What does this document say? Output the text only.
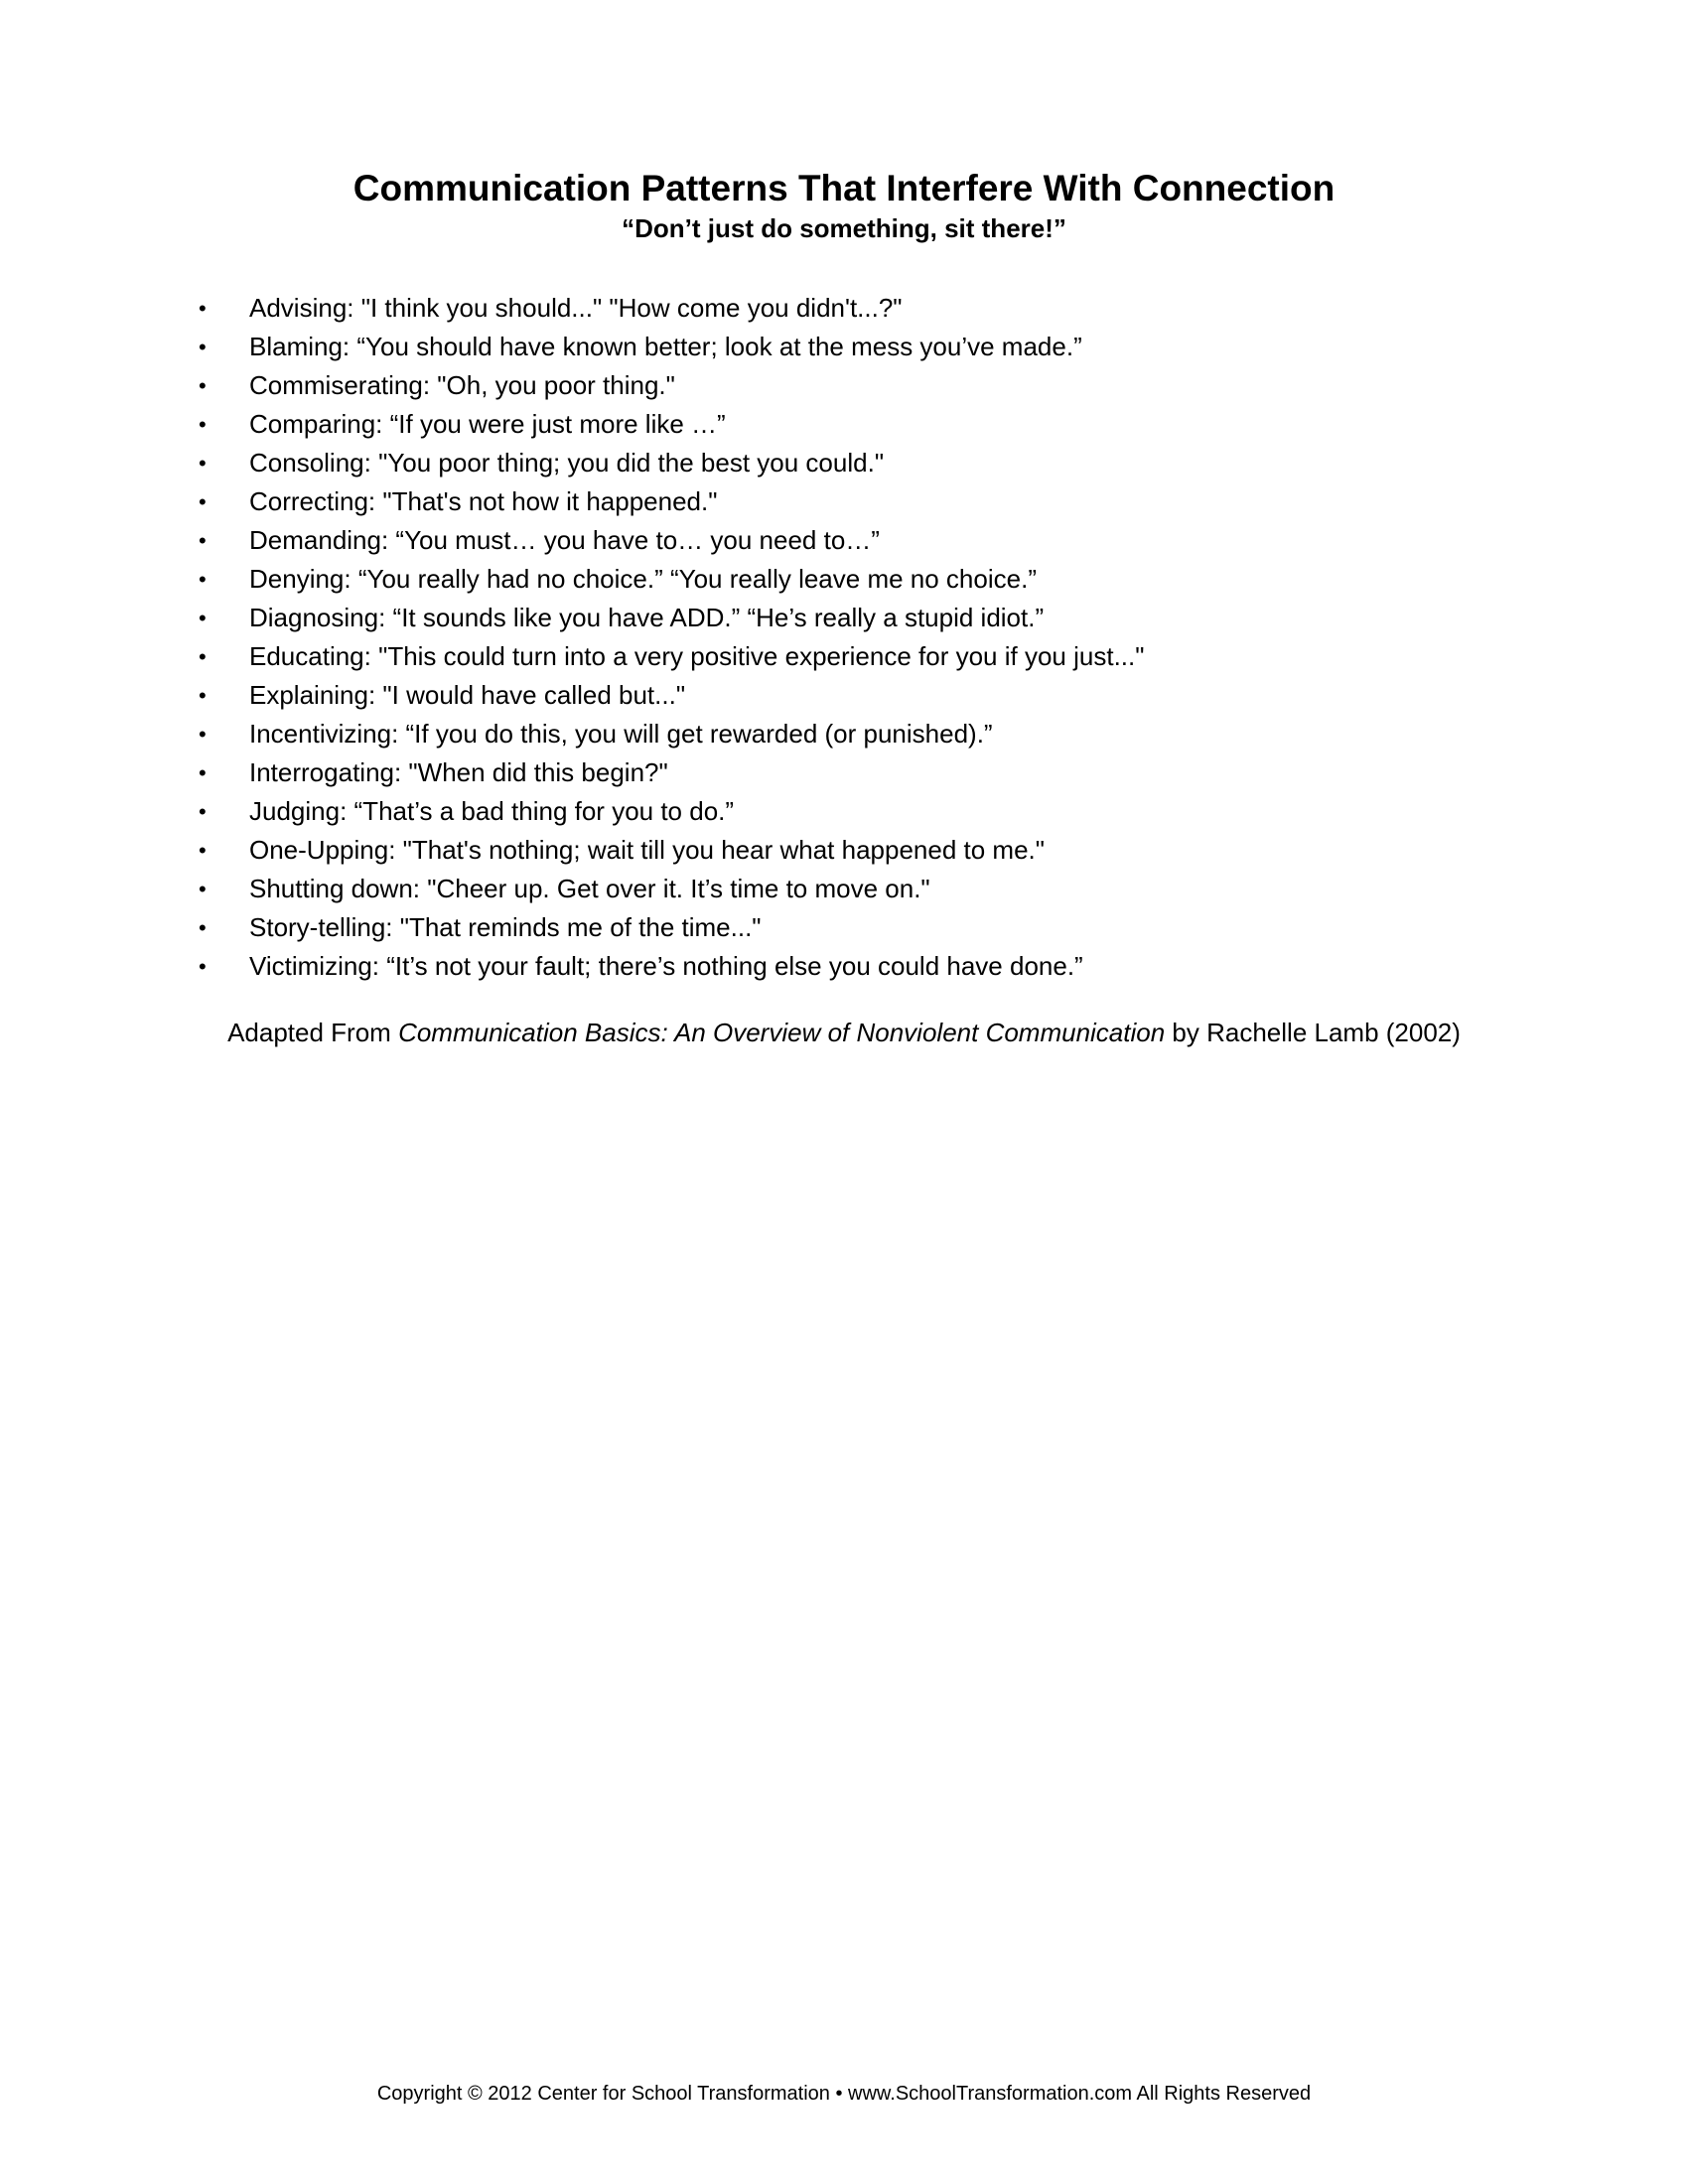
Communication Patterns That Interfere With Connection
“Don’t just do something, sit there!”
• Advising: "I think you should..." "How come you didn't...?"
• Blaming: “You should have known better; look at the mess you’ve made.”
• Commiserating: "Oh, you poor thing."
• Comparing: “If you were just more like …”
• Consoling: "You poor thing; you did the best you could."
• Correcting: "That's not how it happened."
• Demanding: “You must… you have to… you need to…”
• Denying: “You really had no choice.” “You really leave me no choice.”
• Diagnosing: “It sounds like you have ADD.” “He’s really a stupid idiot.”
• Educating: "This could turn into a very positive experience for you if you just..."
• Explaining: "I would have called but..."
• Incentivizing: “If you do this, you will get rewarded (or punished).”
• Interrogating: "When did this begin?"
• Judging: “That’s a bad thing for you to do.”
• One-Upping: "That's nothing; wait till you hear what happened to me."
• Shutting down: "Cheer up. Get over it. It’s time to move on."
• Story-telling: "That reminds me of the time..."
• Victimizing: “It’s not your fault; there’s nothing else you could have done.”

Adapted From Communication Basics: An Overview of Nonviolent Communication by Rachelle Lamb (2002)

Copyright © 2012 Center for School Transformation • www.SchoolTransformation.com All Rights Reserved
